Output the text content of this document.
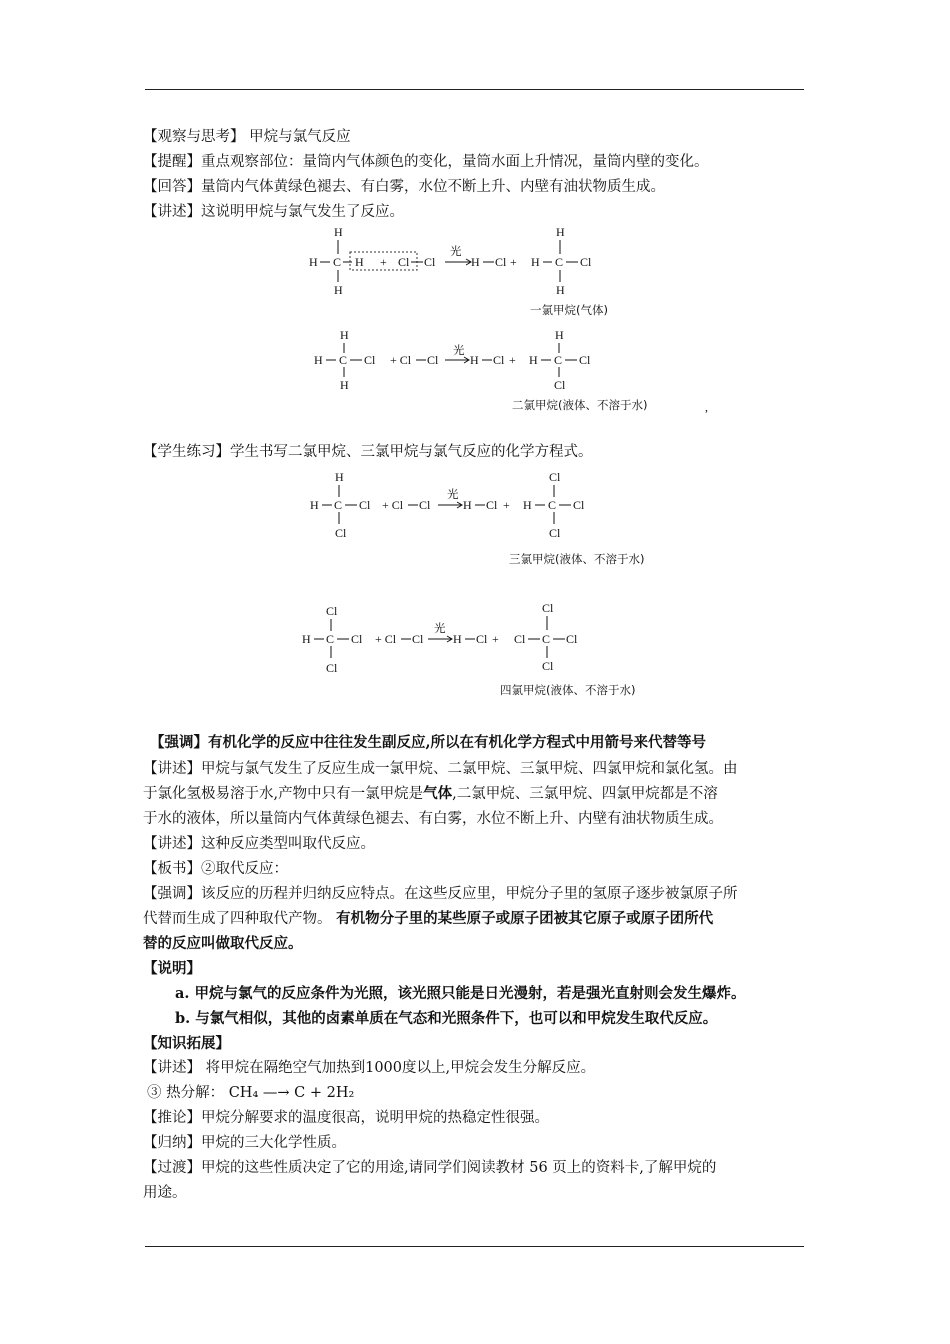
【观察与思考】 甲烷与氯气反应
【提醒】重点观察部位：量筒内气体颜色的变化，量筒水面上升情况，量筒内壁的变化。
【回答】量筒内气体黄绿色褪去、有白雾，水位不断上升、内壁有油状物质生成。
【讲述】这说明甲烷与氯气发生了反应。
H
H C H + Cl Cl
H
光
H Cl +
H
H C Cl
H
一氯甲烷(气体)
H
H C Cl
H
+ Cl Cl
光
H Cl +
H
H C Cl
Cl
二氯甲烷(液体、不溶于水)	,
【学生练习】学生书写二氯甲烷、三氯甲烷与氯气反应的化学方程式。
H
H C Cl
Cl
+ Cl Cl
光
H Cl +
Cl
H C Cl
Cl
三氯甲烷(液体、不溶于水)
Cl
H C Cl
Cl
+ Cl Cl
光
H Cl +
Cl
Cl C Cl
Cl
四氯甲烷(液体、不溶于水)
【强调】有机化学的反应中往往发生副反应,所以在有机化学方程式中用箭号来代替等号
【讲述】甲烷与氯气发生了反应生成一氯甲烷、二氯甲烷、三氯甲烷、四氯甲烷和氯化氢。由
于氯化氢极易溶于水,产物中只有一氯甲烷是气体,二氯甲烷、三氯甲烷、四氯甲烷都是不溶
于水的液体，所以量筒内气体黄绿色褪去、有白雾，水位不断上升、内壁有油状物质生成。
【讲述】这种反应类型叫取代反应。
【板书】②取代反应：
【强调】该反应的历程并归纳反应特点。在这些反应里，甲烷分子里的氢原子逐步被氯原子所
代替而生成了四种取代产物。 有机物分子里的某些原子或原子团被其它原子或原子团所代
替的反应叫做取代反应。
【说明】
a. 甲烷与氯气的反应条件为光照，该光照只能是日光漫射，若是强光直射则会发生爆炸。
b. 与氯气相似，其他的卤素单质在气态和光照条件下，也可以和甲烷发生取代反应。
【知识拓展】
【讲述】 将甲烷在隔绝空气加热到1000度以上,甲烷会发生分解反应。
③ 热分解： CH₄ —→ C + 2H₂
【推论】甲烷分解要求的温度很高，说明甲烷的热稳定性很强。
【归纳】甲烷的三大化学性质。
【过渡】甲烷的这些性质决定了它的用途,请同学们阅读教材 56 页上的资料卡,了解甲烷的
用途。
